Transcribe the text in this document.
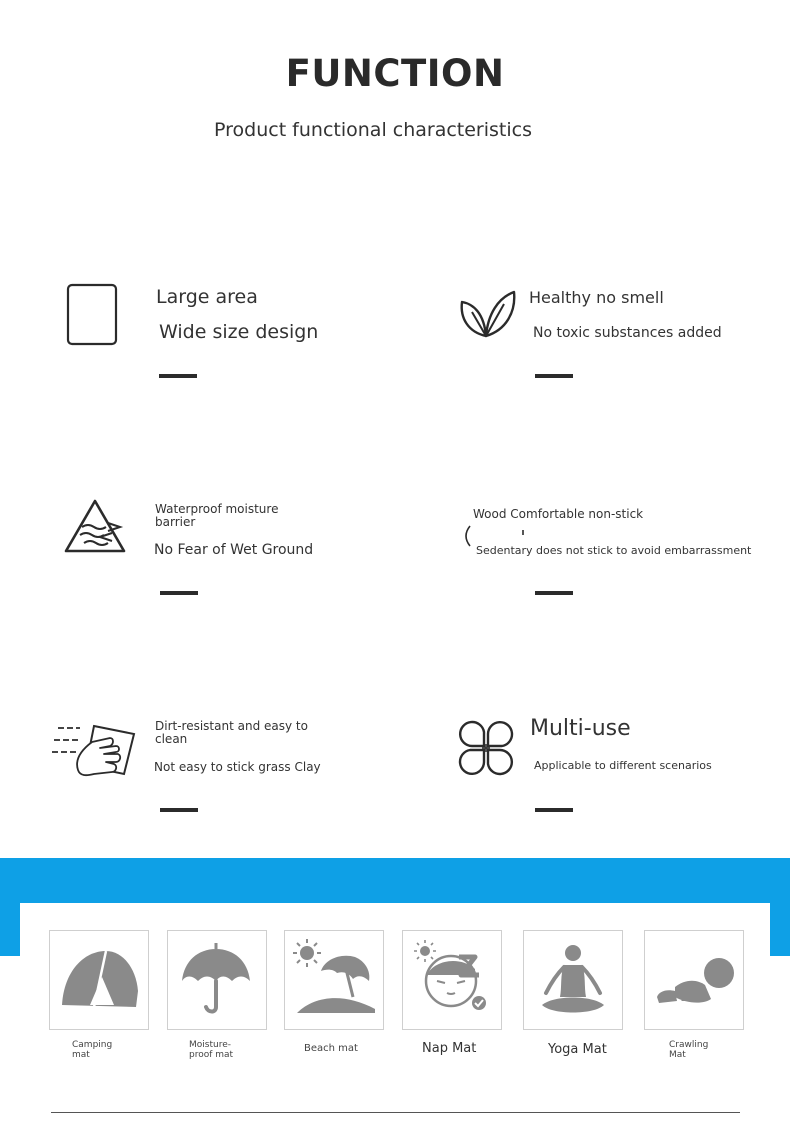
FUNCTION
Product functional characteristics
Large area
Wide size design
Healthy no smell
No toxic substances added
Waterproof moisture barrier
No Fear of Wet Ground
Wood Comfortable non-stick
Sedentary does not stick to avoid embarrassment
Dirt-resistant and easy to clean
Not easy to stick grass Clay
Multi-use
Applicable to different scenarios
Camping mat
Moisture-proof mat
Beach mat	Nap Mat	Yoga Mat	Crawling Mat
